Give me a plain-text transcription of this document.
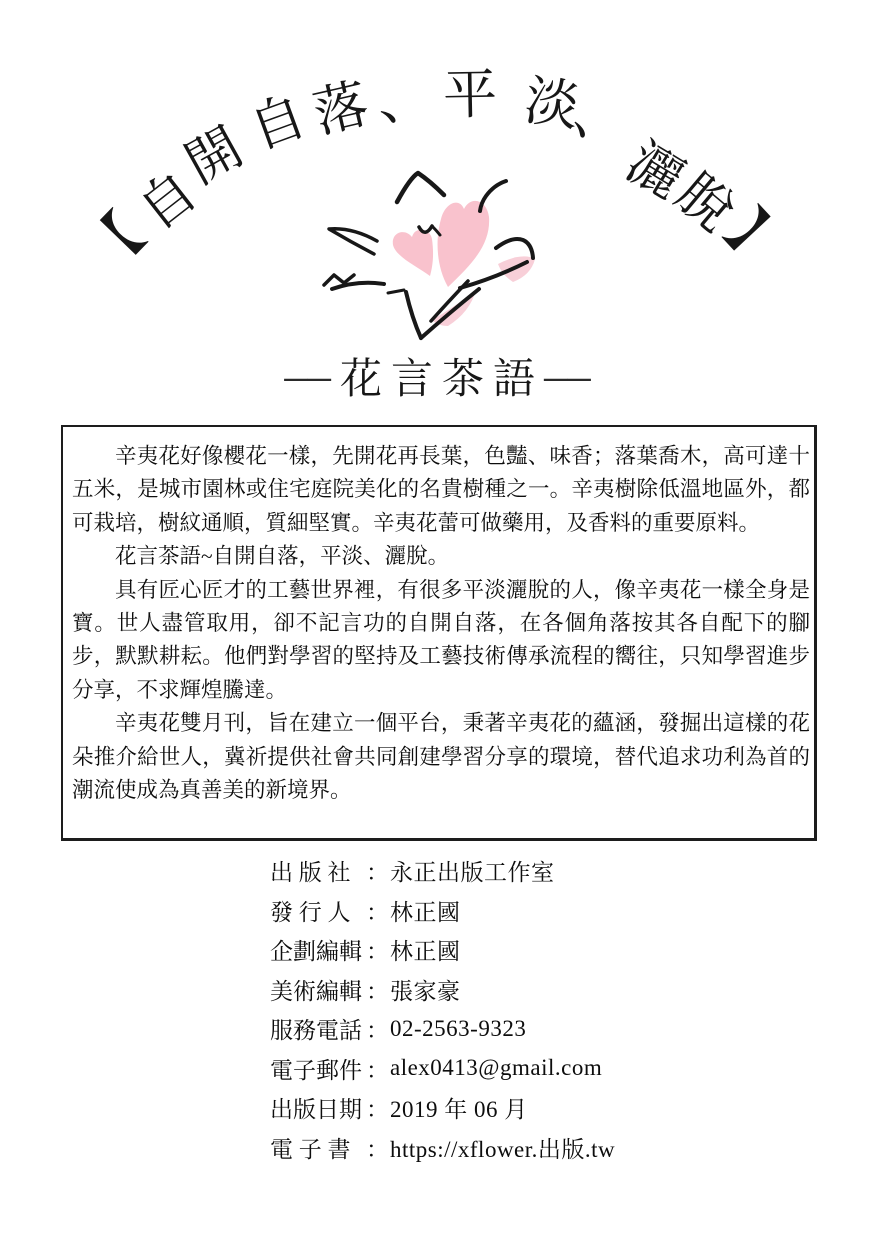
【
自
開
自
落 、 平 淡
、
灑
脫
】
── 花言茶語 ──

辛夷花好像櫻花一樣，先開花再長葉，色豔、味香；落葉喬木，高可達十五米，是城市園林或住宅庭院美化的名貴樹種之一。辛夷樹除低溫地區外，都可栽培，樹紋通順，質細堅實。辛夷花蕾可做藥用，及香料的重要原料。

花言茶語~自開自落，平淡、灑脫。

具有匠心匠才的工藝世界裡，有很多平淡灑脫的人，像辛夷花一樣全身是寶。世人盡管取用，卻不記言功的自開自落，在各個角落按其各自配下的腳步，默默耕耘。他們對學習的堅持及工藝技術傳承流程的嚮往，只知學習進步分享，不求輝煌騰達。

辛夷花雙月刊，旨在建立一個平台，秉著辛夷花的蘊涵，發掘出這樣的花朵推介給世人，冀祈提供社會共同創建學習分享的環境，替代追求功利為首的潮流使成為真善美的新境界。

出 版 社 ： 永正出版工作室
發 行 人 ： 林正國
企劃編輯 ： 林正國
美術編輯 ： 張家豪
服務電話 ： 02-2563-9323
電子郵件 ： alex0413@gmail.com
出版日期 ： 2019 年 06 月
電 子 書 ： https://xflower.出版.tw
